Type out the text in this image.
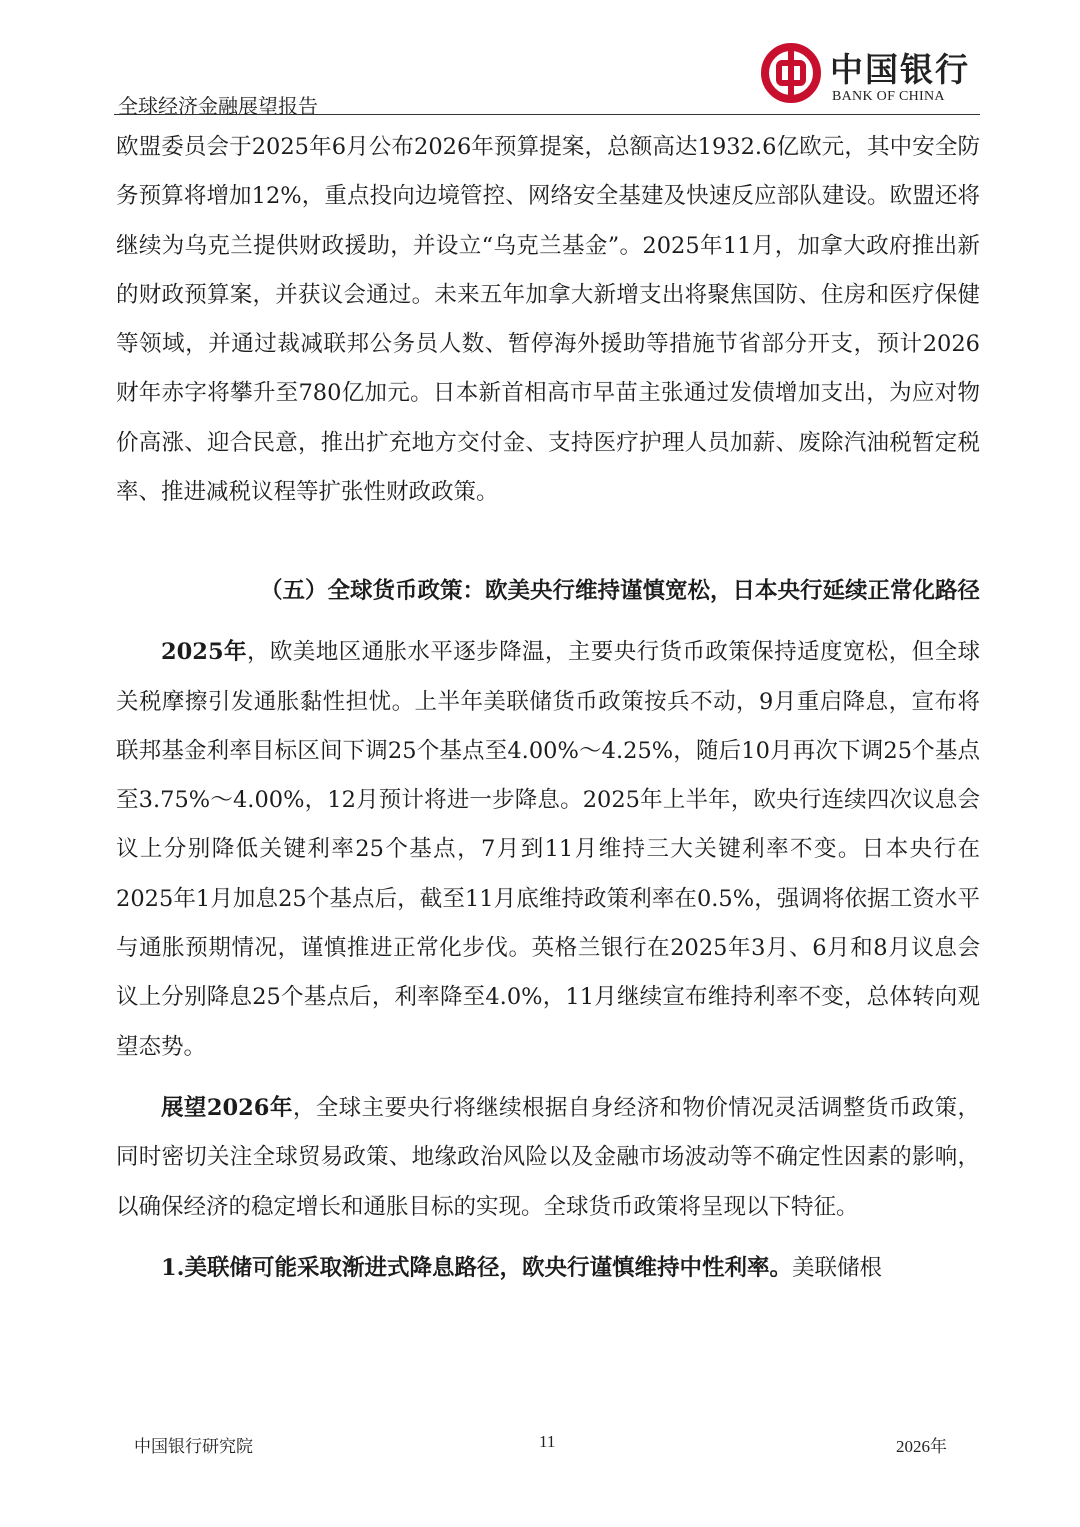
全球经济金融展望报告
中国银行
BANK OF CHINA

欧盟委员会于2025年6月公布2026年预算提案，总额高达1932.6亿欧元，其中安全防务预算将增加12%，重点投向边境管控、网络安全基建及快速反应部队建设。欧盟还将继续为乌克兰提供财政援助，并设立“乌克兰基金”。2025年11月，加拿大政府推出新的财政预算案，并获议会通过。未来五年加拿大新增支出将聚焦国防、住房和医疗保健等领域，并通过裁减联邦公务员人数、暂停海外援助等措施节省部分开支，预计2026财年赤字将攀升至780亿加元。日本新首相高市早苗主张通过发债增加支出，为应对物价高涨、迎合民意，推出扩充地方交付金、支持医疗护理人员加薪、废除汽油税暂定税率、推进减税议程等扩张性财政政策。

（五）全球货币政策：欧美央行维持谨慎宽松，日本央行延续正常化路径

2025年，欧美地区通胀水平逐步降温，主要央行货币政策保持适度宽松，但全球关税摩擦引发通胀黏性担忧。上半年美联储货币政策按兵不动，9月重启降息，宣布将联邦基金利率目标区间下调25个基点至4.00%～4.25%，随后10月再次下调25个基点至3.75%～4.00%，12月预计将进一步降息。2025年上半年，欧央行连续四次议息会议上分别降低关键利率25个基点，7月到11月维持三大关键利率不变。日本央行在2025年1月加息25个基点后，截至11月底维持政策利率在0.5%，强调将依据工资水平与通胀预期情况，谨慎推进正常化步伐。英格兰银行在2025年3月、6月和8月议息会议上分别降息25个基点后，利率降至4.0%，11月继续宣布维持利率不变，总体转向观望态势。

展望2026年，全球主要央行将继续根据自身经济和物价情况灵活调整货币政策，同时密切关注全球贸易政策、地缘政治风险以及金融市场波动等不确定性因素的影响，以确保经济的稳定增长和通胀目标的实现。全球货币政策将呈现以下特征。

1.美联储可能采取渐进式降息路径，欧央行谨慎维持中性利率。美联储根

中国银行研究院	11	2026年
